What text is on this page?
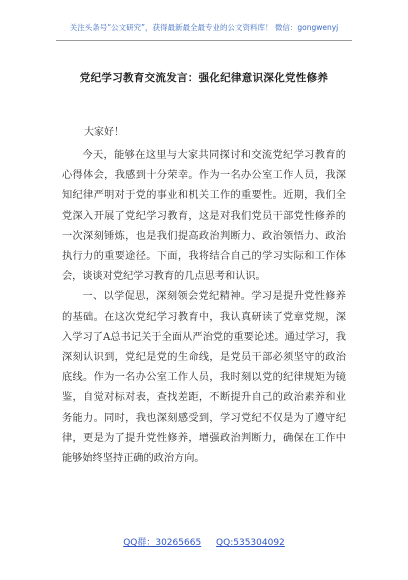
关注头条号“公文研究”，获得最新最全最专业的公文资料库！ 微信：gongwenyj
党纪学习教育交流发言：强化纪律意识深化党性修养
大家好！

今天，能够在这里与大家共同探讨和交流党纪学习教育的心得体会，我感到十分荣幸。作为一名办公室工作人员，我深知纪律严明对于党的事业和机关工作的重要性。近期，我们全党深入开展了党纪学习教育，这是对我们党员干部党性修养的一次深刻锤炼，也是我们提高政治判断力、政治领悟力、政治执行力的重要途径。下面，我将结合自己的学习实际和工作体会，谈谈对党纪学习教育的几点思考和认识。

一、以学促思，深刻领会党纪精神。学习是提升党性修养的基础。在这次党纪学习教育中，我认真研读了党章党规，深入学习了A总书记关于全面从严治党的重要论述。通过学习，我深刻认识到，党纪是党的生命线，是党员干部必须坚守的政治底线。作为一名办公室工作人员，我时刻以党的纪律规矩为镜鉴，自觉对标对表，查找差距，不断提升自己的政治素养和业务能力。同时，我也深刻感受到，学习党纪不仅是为了遵守纪律，更是为了提升党性修养，增强政治判断力，确保在工作中能够始终坚持正确的政治方向。

QQ群：30265665 QQ:535304092
